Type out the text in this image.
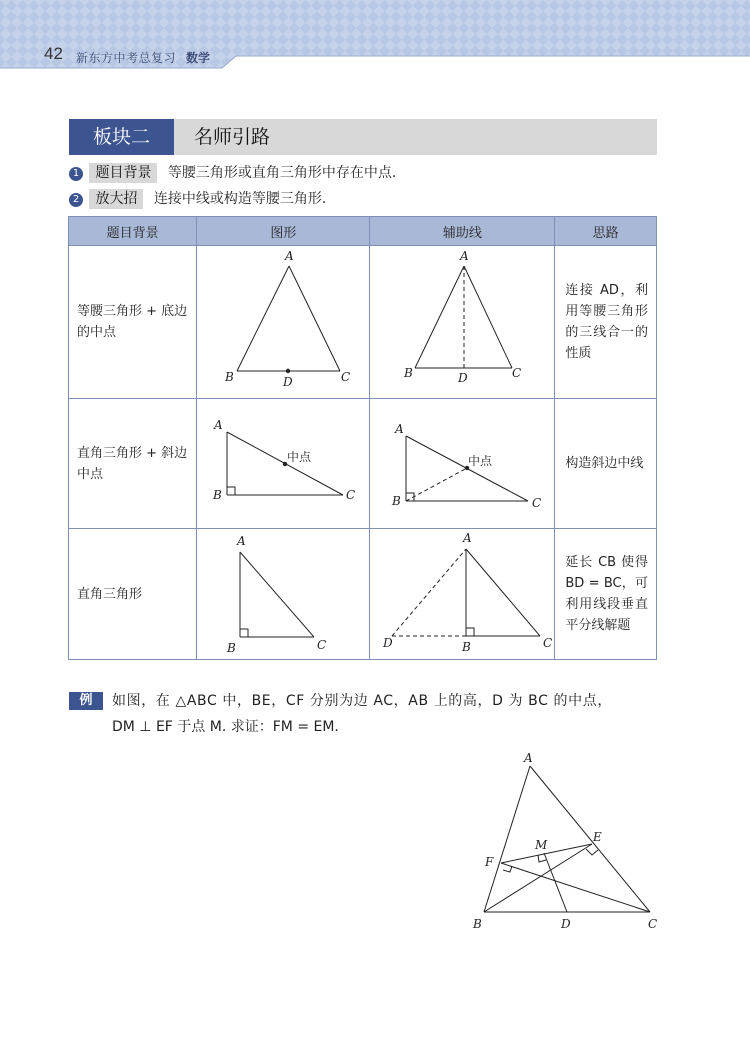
42 新东方中考总复习 数学
板块二	名师引路
1 题目背景 等腰三角形或直角三角形中存在中点.
2 放大招 连接中线或构造等腰三角形.
题目背景	图形	辅助线	思路

等腰三角形 + 底边的中点	A
B C
D	A
B C
D	连接 AD，利用等腰三角形的三线合一的性质

直角三角形 + 斜边中点	A
B C
中点	A
B C
中点	构造斜边中线

直角三角形	A
B C	A
B C
D	延长 CB 使得 BD = BC，可利用线段垂直平分线解题
例	如图，在 △ABC 中，BE，CF 分别为边 AC，AB 上的高，D 为 BC 的中点，
DM ⊥ EF 于点 M. 求证：FM = EM.
A
B	C
D
E
F
M
